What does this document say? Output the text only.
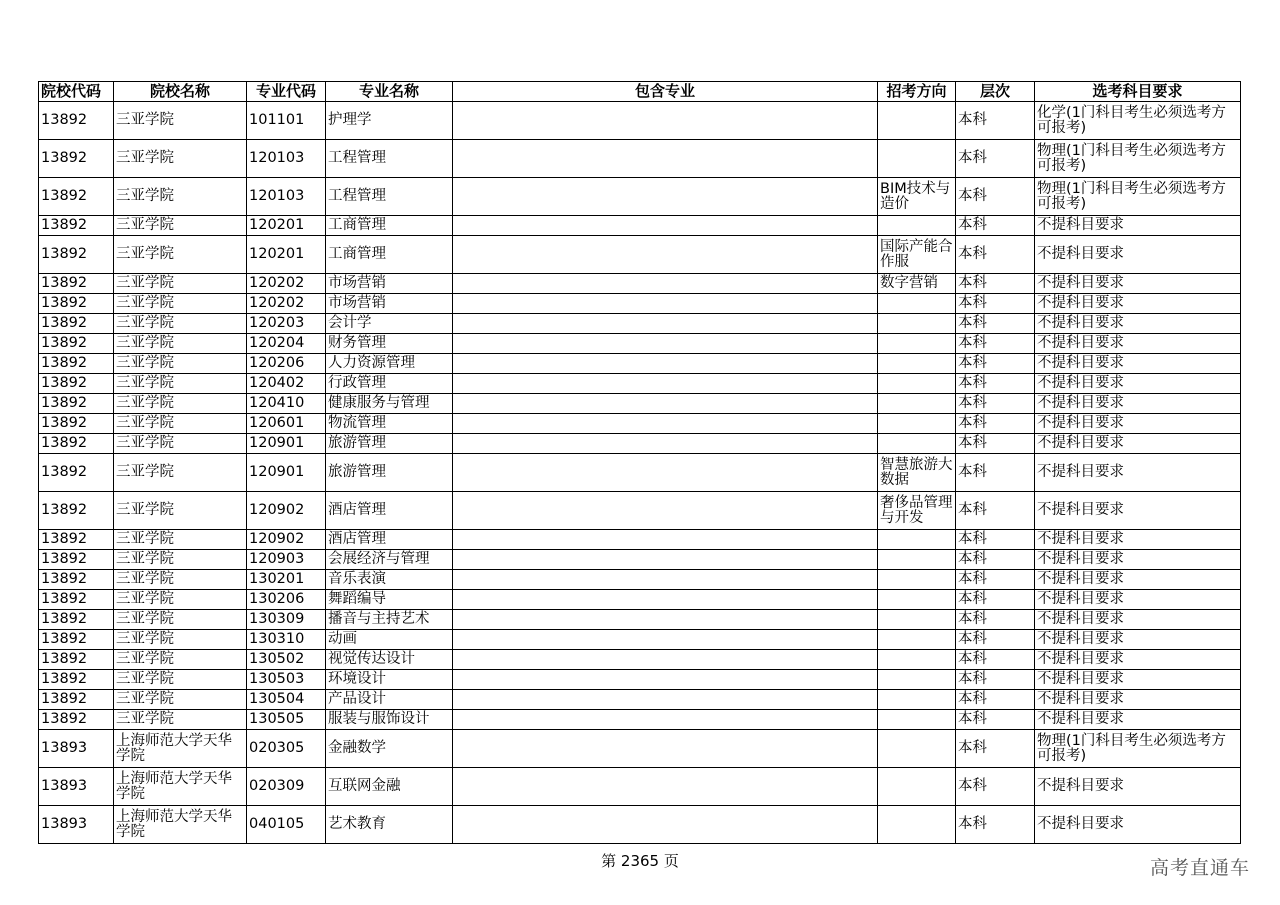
院校代码	院校名称	专业代码	专业名称	包含专业	招考方向	层次	选考科目要求
13892	三亚学院	101101	护理学			本科	化学(1门科目考生必须选考方可报考)
13892	三亚学院	120103	工程管理			本科	物理(1门科目考生必须选考方可报考)
13892	三亚学院	120103	工程管理		BIM技术与造价	本科	物理(1门科目考生必须选考方可报考)
13892	三亚学院	120201	工商管理			本科	不提科目要求
13892	三亚学院	120201	工商管理		国际产能合作服	本科	不提科目要求
13892	三亚学院	120202	市场营销		数字营销	本科	不提科目要求
13892	三亚学院	120202	市场营销			本科	不提科目要求
13892	三亚学院	120203	会计学			本科	不提科目要求
13892	三亚学院	120204	财务管理			本科	不提科目要求
13892	三亚学院	120206	人力资源管理			本科	不提科目要求
13892	三亚学院	120402	行政管理			本科	不提科目要求
13892	三亚学院	120410	健康服务与管理			本科	不提科目要求
13892	三亚学院	120601	物流管理			本科	不提科目要求
13892	三亚学院	120901	旅游管理			本科	不提科目要求
13892	三亚学院	120901	旅游管理		智慧旅游大数据	本科	不提科目要求
13892	三亚学院	120902	酒店管理		奢侈品管理与开发	本科	不提科目要求
13892	三亚学院	120902	酒店管理			本科	不提科目要求
13892	三亚学院	120903	会展经济与管理			本科	不提科目要求
13892	三亚学院	130201	音乐表演			本科	不提科目要求
13892	三亚学院	130206	舞蹈编导			本科	不提科目要求
13892	三亚学院	130309	播音与主持艺术			本科	不提科目要求
13892	三亚学院	130310	动画			本科	不提科目要求
13892	三亚学院	130502	视觉传达设计			本科	不提科目要求
13892	三亚学院	130503	环境设计			本科	不提科目要求
13892	三亚学院	130504	产品设计			本科	不提科目要求
13892	三亚学院	130505	服装与服饰设计			本科	不提科目要求
13893	上海师范大学天华学院	020305	金融数学			本科	物理(1门科目考生必须选考方可报考)
13893	上海师范大学天华学院	020309	互联网金融			本科	不提科目要求
13893	上海师范大学天华学院	040105	艺术教育			本科	不提科目要求
第 2365 页	高考直通车
